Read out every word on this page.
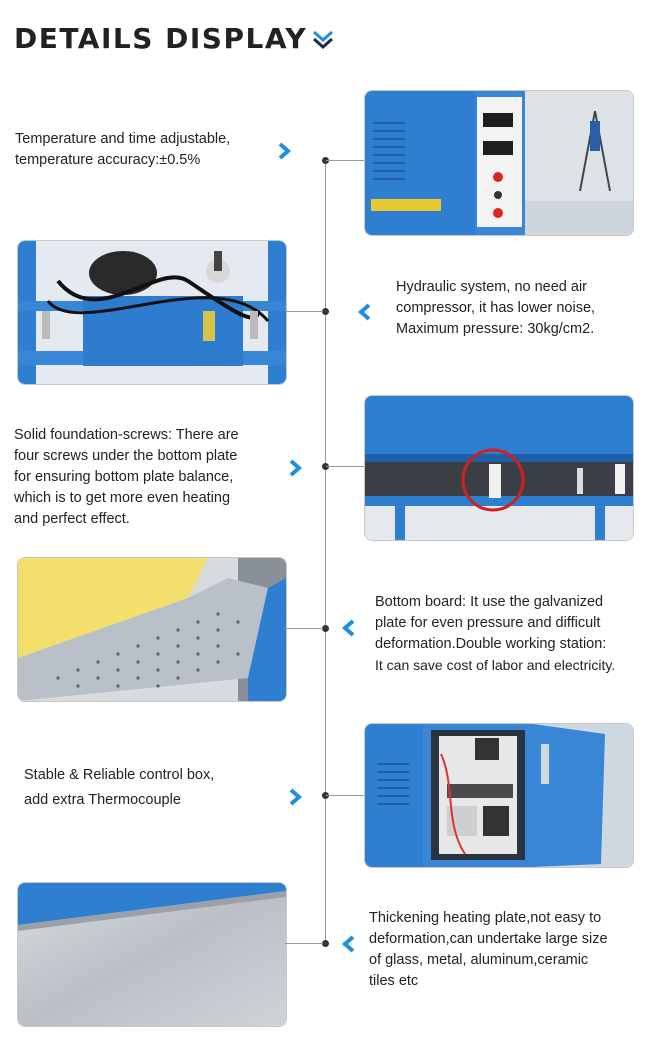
DETAILS DISPLAY
Temperature and time adjustable,
temperature accuracy:±0.5%
Hydraulic system, no need air
compressor, it has lower noise,
Maximum pressure: 30kg/cm2.
Solid foundation-screws: There are
four screws under the bottom plate
for ensuring bottom plate balance,
which is to get more even heating
and perfect effect.
Bottom board: It use the galvanized
plate for even pressure and difficult
deformation.Double working station:
It can save cost of labor and electricity.
Stable & Reliable control box,
add extra Thermocouple
Thickening heating plate,not easy to
deformation,can undertake large size
of glass, metal, aluminum,ceramic
tiles etc
